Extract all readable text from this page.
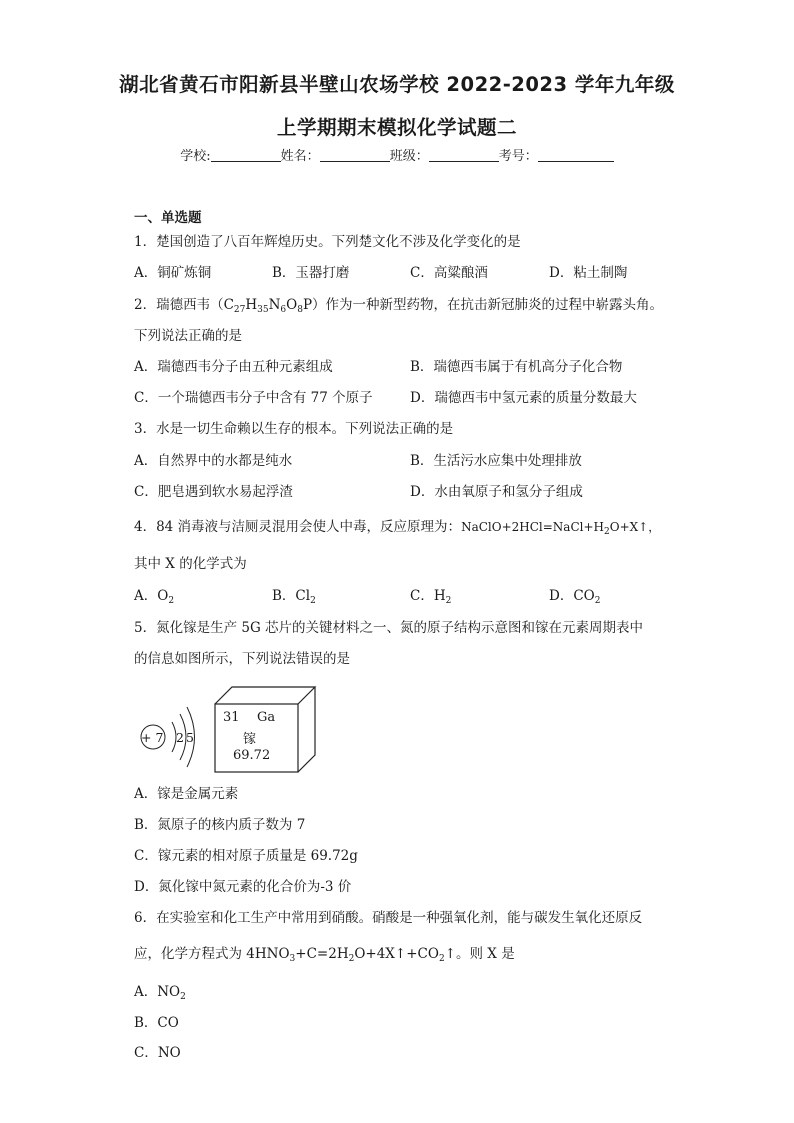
湖北省黄石市阳新县半壁山农场学校 2022-2023 学年九年级
上学期期末模拟化学试题二
学校:	姓名：	班级：	考号：
一、单选题
1．楚国创造了八百年辉煌历史。下列楚文化不涉及化学变化的是
A．铜矿炼铜	B．玉器打磨	C．高粱酿酒	D．粘土制陶
2．瑞德西韦$(C_{27}H_{35}N_6O_8P)$作为一种新型药物，在抗击新冠肺炎的过程中崭露头角。
下列说法正确的是
A．瑞德西韦分子由五种元素组成	B．瑞德西韦属于有机高分子化合物
C．一个瑞德西韦分子中含有 77 个原子	D．瑞德西韦中氢元素的质量分数最大
3．水是一切生命赖以生存的根本。下列说法正确的是
A．自然界中的水都是纯水	B．生活污水应集中处理排放
C．肥皂遇到软水易起浮渣	D．水由氧原子和氢分子组成
4．84 消毒液与洁厕灵混用会使人中毒，反应原理为：$NaClO+2HCl=NaCl+H_2O+X↑$，
其中 X 的化学式为
A．$O_2$	B．$Cl_2$	C．$H_2$	D．$CO_2$
5．氮化镓是生产 5G 芯片的关键材料之一、氮的原子结构示意图和镓在元素周期表中
的信息如图所示，下列说法错误的是
+ 7 2 5
31 Ga
镓
69.72
A．镓是金属元素
B．氮原子的核内质子数为 7
C．镓元素的相对原子质量是 69.72g
D．氮化镓中氮元素的化合价为-3 价
6．在实验室和化工生产中常用到硝酸。硝酸是一种强氧化剂，能与碳发生氧化还原反
应，化学方程式为 $4HNO_3+C=2H_2O+4X↑+CO_2↑$。则 X 是
A．$NO_2$
B．CO
C．NO
